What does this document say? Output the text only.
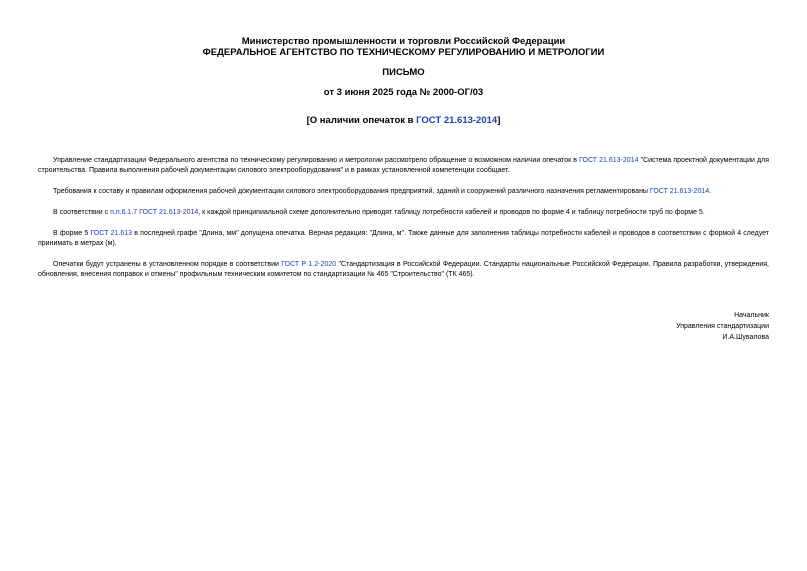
Министерство промышленности и торговли Российской Федерации
ФЕДЕРАЛЬНОЕ АГЕНТСТВО ПО ТЕХНИЧЕСКОМУ РЕГУЛИРОВАНИЮ И МЕТРОЛОГИИ
ПИСЬМО
от 3 июня 2025 года № 2000-ОГ/03
[О наличии опечаток в ГОСТ 21.613-2014]
Управление стандартизации Федерального агентства по техническому регулированию и метрологии рассмотрело обращение о возможном наличии опечаток в ГОСТ 21.613-2014 "Система проектной документации для строительства. Правила выполнения рабочей документации силового электрооборудования" и в рамках установленной компетенции сообщает.
Требования к составу и правилам оформления рабочей документации силового электрооборудования предприятий, зданий и сооружений различного назначения регламентированы ГОСТ 21.613-2014.
В соответствии с п.п.6.1.7 ГОСТ 21.613-2014, к каждой принципиальной схеме дополнительно приводят таблицу потребности кабелей и проводов по форме 4 и таблицу потребности труб по форме 5.
В форме 5 ГОСТ 21.613 в последней графе "Длина, мм" допущена опечатка. Верная редакция: "Длина, м". Также данные для заполнения таблицы потребности кабелей и проводов в соответствии с формой 4 следует принимать в метрах (м).
Опечатки будут устранены в установленном порядке в соответствии ГОСТ Р 1.2-2020 "Стандартизация в Российской Федерации. Стандарты национальные Российской Федерации. Правила разработки, утверждения, обновления, внесения поправок и отмены" профильным техническим комитетом по стандартизации № 465 "Строительство" (ТК 465).
Начальник
Управления стандартизации
И.А.Шувалова
